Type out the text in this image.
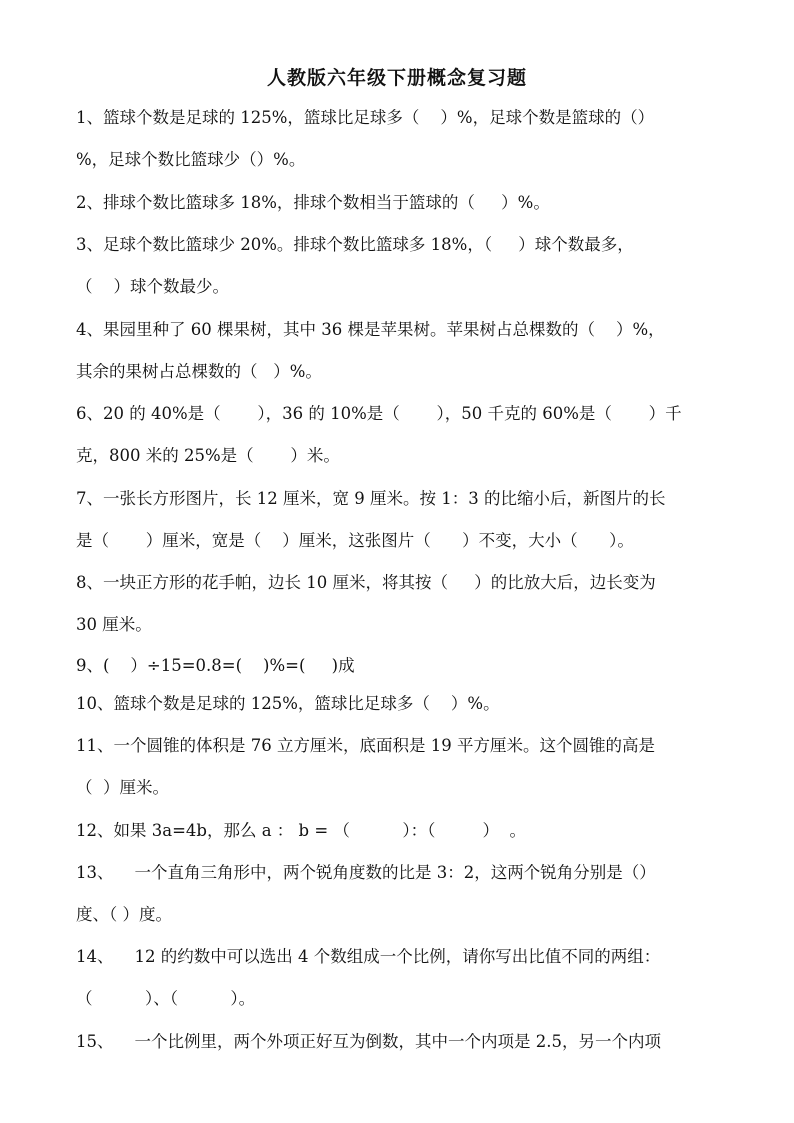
人教版六年级下册概念复习题
1、篮球个数是足球的 125%，篮球比足球多（    ）%，足球个数是篮球的（）
%，足球个数比篮球少（）%。
2、排球个数比篮球多 18%，排球个数相当于篮球的（     ）%。
3、足球个数比篮球少 20%。排球个数比篮球多 18%，（     ）球个数最多，
（    ）球个数最少。
4、果园里种了 60 棵果树，其中 36 棵是苹果树。苹果树占总棵数的（    ）%，
其余的果树占总棵数的（   ）%。
6、20 的 40%是（       ），36 的 10%是（       ），50 千克的 60%是（       ）千
克，800 米的 25%是（       ）米。
7、一张长方形图片，长 12 厘米，宽 9 厘米。按 1：3 的比缩小后，新图片的长
是（       ）厘米，宽是（    ）厘米，这张图片（      ）不变，大小（      ）。
8、一块正方形的花手帕，边长 10 厘米，将其按（     ）的比放大后，边长变为
30 厘米。
9、(    ）÷15=0.8=(    )%=(     )成
10、篮球个数是足球的 125%，篮球比足球多（    ）%。
11、一个圆锥的体积是 76 立方厘米，底面积是 19 平方厘米。这个圆锥的高是
（  ）厘米。
12、如果 3a=4b，那么 a ： b = （          ）：（         ）  。
13、    一个直角三角形中，两个锐角度数的比是 3：2，这两个锐角分别是（）
度、（ ）度。
14、    12 的约数中可以选出 4 个数组成一个比例，请你写出比值不同的两组：
（          ）、（          ）。
15、    一个比例里，两个外项正好互为倒数，其中一个内项是 2.5，另一个内项
